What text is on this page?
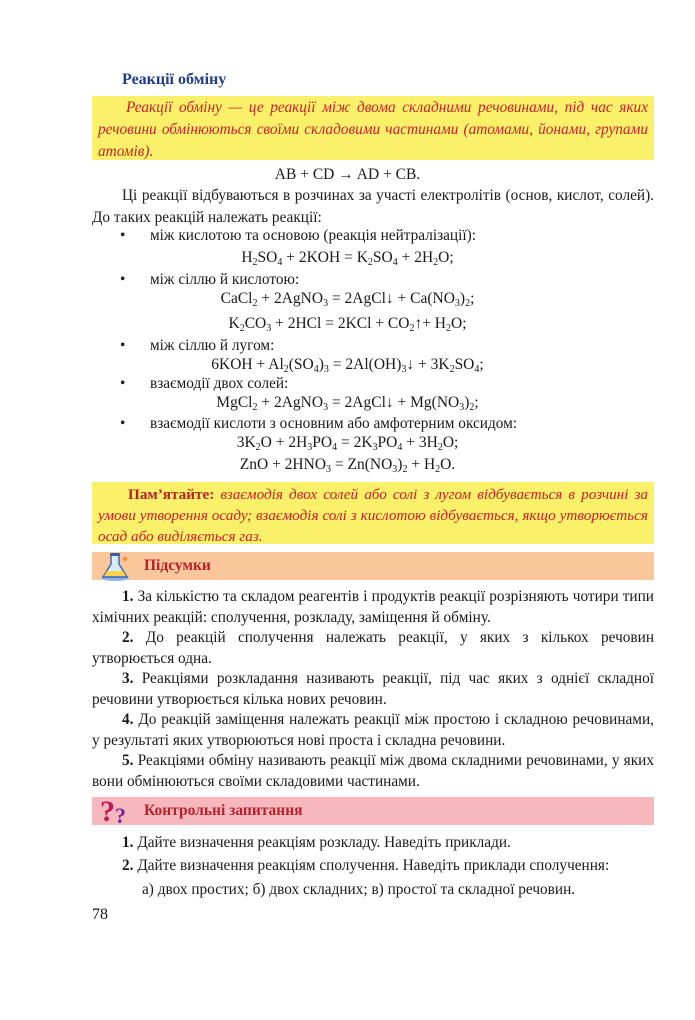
Реакції обміну

Реакції обміну — це реакції між двома складними речовинами, під час яких речовини обмінюються своїми складовими частинами (атомами, йонами, групами атомів).

AB + CD → AD + CB.
Ці реакції відбуваються в розчинах за участі електролітів (основ, кислот, солей). До таких реакцій належать реакції:
• між кислотою та основою (реакція нейтралізації):
$H_2SO_4 + 2KOH = K_2SO_4 + 2H_2O$;
• між сіллю й кислотою:
CaCl$_2$ + 2AgNO$_3$ = 2AgCl↓ + $Ca(NO_3)_2$;
$K_2CO_3 + 2HCl = 2KCl$ + $CO_2↑+ H_2O$;
• між сіллю й лугом:
$6KOH + Al_2(SO_4)_3$ = $2Al(OH)_3↓ + 3K_2SO_4$;
• взаємодії двох солей:
MgCl$_2$ + 2AgNO$_3$ = 2AgCl↓ + $Mg(NO_3)_2$;
• взаємодії кислоти з основним або амфотерним оксидом:
$3K_2O + 2H_3PO_4 = 2K_3PO_4 + 3H_2O$;
ZnO + $2HNO_3 = Zn(NO_3)_2 + H_2O$.

Пам’ятайте: взаємодія двох солей або солі з лугом відбувається в розчині за умови утворення осаду; взаємодія солі з кислотою відбувається, якщо утворюється осад або виділяється газ.

Підсумки
1. За кількістю та складом реагентів і продуктів реакції розрізняють чотири типи хімічних реакцій: сполучення, розкладу, заміщення й обміну.
2. До реакцій сполучення належать реакції, у яких з кількох речовин утворюється одна.
3. Реакціями розкладання називають реакції, під час яких з однієї складної речовини утворюється кілька нових речовин.
4. До реакцій заміщення належать реакції між простою і складною речовинами, у результаті яких утворюються нові проста і складна речовини.
5. Реакціями обміну називають реакції між двома складними речовинами, у яких вони обмінюються своїми складовими частинами.
? ? Контрольні запитання
1. Дайте визначення реакціям розкладу. Наведіть приклади.
2. Дайте визначення реакціям сполучення. Наведіть приклади сполучення:
а) двох простих; б) двох складних; в) простої та складної речовин.
78
